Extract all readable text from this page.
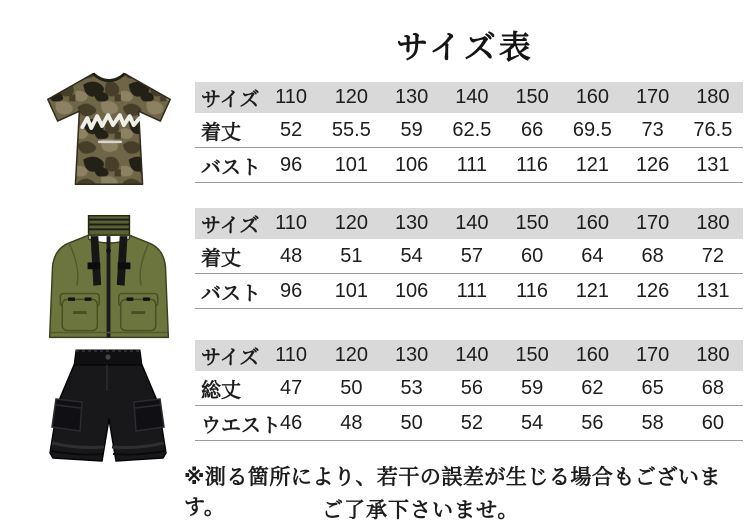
サイズ表
サイズ 110	120	130	140	150	160	170	180
着丈	52	55.5	59	62.5	66	69.5	73	76.5
バスト 96	101	106	111	116	121	126	131
サイズ 110	120	130	140	150	160	170	180
着丈	48	51	54	57	60	64	68	72
バスト 96	101	106	111	116	121	126	131
サイズ 110	120	130	140	150	160	170	180
総丈	47	50	53	56	59	62	65	68
ウエスト 46	48	50	52	54	56	58	60
※測る箇所により、若干の誤差が生じる場合もございます。	ご了承下さいませ。
